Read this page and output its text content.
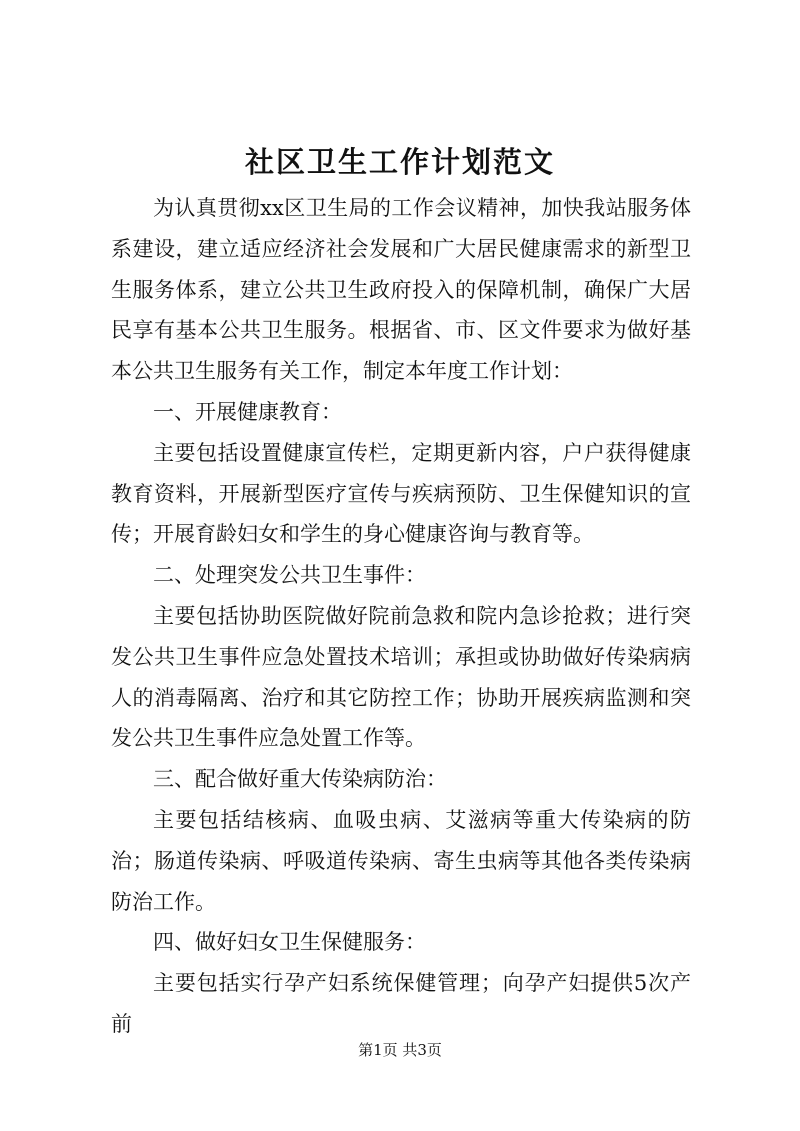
社区卫生工作计划范文

为认真贯彻xx区卫生局的工作会议精神，加快我站服务体系建设，建立适应经济社会发展和广大居民健康需求的新型卫生服务体系，建立公共卫生政府投入的保障机制，确保广大居民享有基本公共卫生服务。根据省、市、区文件要求为做好基本公共卫生服务有关工作，制定本年度工作计划：

一、开展健康教育：

主要包括设置健康宣传栏，定期更新内容，户户获得健康教育资料，开展新型医疗宣传与疾病预防、卫生保健知识的宣传；开展育龄妇女和学生的身心健康咨询与教育等。

二、处理突发公共卫生事件：

主要包括协助医院做好院前急救和院内急诊抢救；进行突发公共卫生事件应急处置技术培训；承担或协助做好传染病病人的消毒隔离、治疗和其它防控工作；协助开展疾病监测和突发公共卫生事件应急处置工作等。

三、配合做好重大传染病防治：

主要包括结核病、血吸虫病、艾滋病等重大传染病的防治；肠道传染病、呼吸道传染病、寄生虫病等其他各类传染病防治工作。

四、做好妇女卫生保健服务：

主要包括实行孕产妇系统保健管理；向孕产妇提供5次产前

第1页 共3页
